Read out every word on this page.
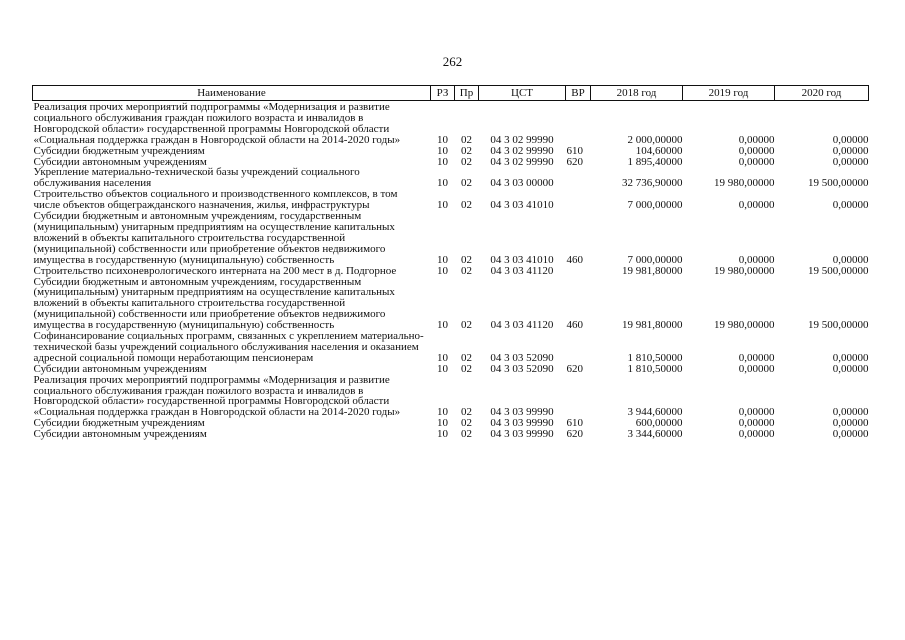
262
Наименование	РЗ	Пр	ЦСТ	ВР	2018 год	2019 год	2020 год
Реализация прочих мероприятий подпрограммы «Модернизация и развитие социального обслуживания граждан пожилого возраста и инвалидов в Новгородской области» государственной программы Новгородской области «Социальная поддержка граждан в Новгородской области на 2014-2020 годы»	10	02	04 3 02 99990		2 000,00000	0,00000	0,00000
Субсидии бюджетным учреждениям	10	02	04 3 02 99990	610	104,60000	0,00000	0,00000
Субсидии автономным учреждениям	10	02	04 3 02 99990	620	1 895,40000	0,00000	0,00000
Укрепление материально-технической базы учреждений социального обслуживания населения	10	02	04 3 03 00000		32 736,90000	19 980,00000	19 500,00000
Строительство объектов социального и производственного комплексов, в том числе объектов общегражданского назначения, жилья, инфраструктуры	10	02	04 3 03 41010		7 000,00000	0,00000	0,00000
Субсидии бюджетным и автономным учреждениям, государственным (муниципальным) унитарным предприятиям на осуществление капитальных вложений в объекты капитального строительства государственной (муниципальной) собственности или приобретение объектов недвижимого имущества в государственную (муниципальную) собственность	10	02	04 3 03 41010	460	7 000,00000	0,00000	0,00000
Строительство психоневрологического интерната на 200 мест в д. Подгорное	10	02	04 3 03 41120		19 981,80000	19 980,00000	19 500,00000
Субсидии бюджетным и автономным учреждениям, государственным (муниципальным) унитарным предприятиям на осуществление капитальных вложений в объекты капитального строительства государственной (муниципальной) собственности или приобретение объектов недвижимого имущества в государственную (муниципальную) собственность	10	02	04 3 03 41120	460	19 981,80000	19 980,00000	19 500,00000
Софинансирование социальных программ, связанных с укреплением материально-технической базы учреждений социального обслуживания населения и оказанием адресной социальной помощи неработающим пенсионерам	10	02	04 3 03 52090		1 810,50000	0,00000	0,00000
Субсидии автономным учреждениям	10	02	04 3 03 52090	620	1 810,50000	0,00000	0,00000
Реализация прочих мероприятий подпрограммы «Модернизация и развитие социального обслуживания граждан пожилого возраста и инвалидов в Новгородской области» государственной программы Новгородской области «Социальная поддержка граждан в Новгородской области на 2014-2020 годы»	10	02	04 3 03 99990		3 944,60000	0,00000	0,00000
Субсидии бюджетным учреждениям	10	02	04 3 03 99990	610	600,00000	0,00000	0,00000
Субсидии автономным учреждениям	10	02	04 3 03 99990	620	3 344,60000	0,00000	0,00000
